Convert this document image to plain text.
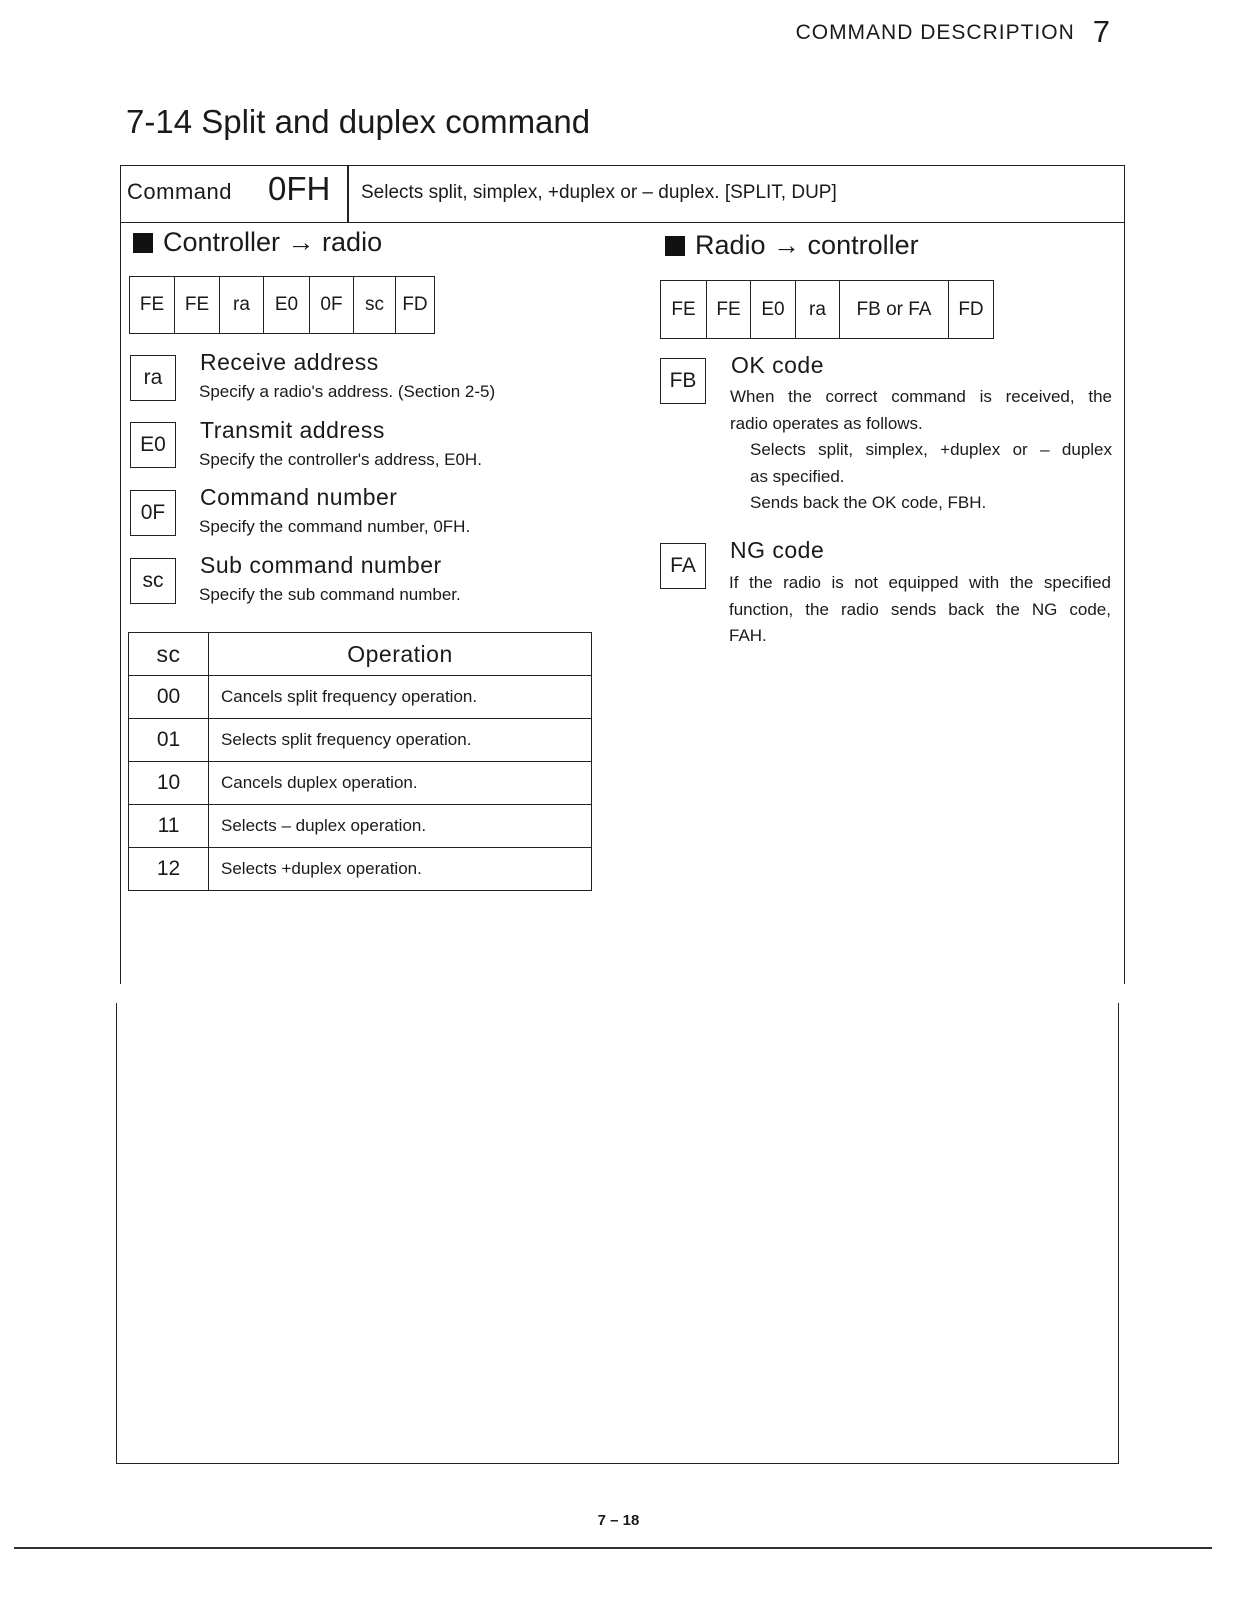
COMMAND DESCRIPTION 7
7-14 Split and duplex command
Command 0FH Selects split, simplex, +duplex or – duplex. [SPLIT, DUP]
Controller → radio
FE	FE	ra	E0	0F	sc FD
ra
Receive address
Specify a radio's address. (Section 2-5)
E0
Transmit address
Specify the controller's address, E0H.
0F
Command number
Specify the command number, 0FH.
sc
Sub command number
Specify the sub command number.
sc	Operation
00	Cancels split frequency operation.
01	Selects split frequency operation.
10	Cancels duplex operation.
11	Selects – duplex operation.
12	Selects +duplex operation.
Radio → controller
FE	FE	E0	ra	FB or FA	FD
FB
OK code
When the correct command is received, the
radio operates as follows.
Selects split, simplex, +duplex or – duplex
as specified.
Sends back the OK code, FBH.
FA
NG code
If the radio is not equipped with the specified
function, the radio sends back the NG code,
FAH.
7 – 18
